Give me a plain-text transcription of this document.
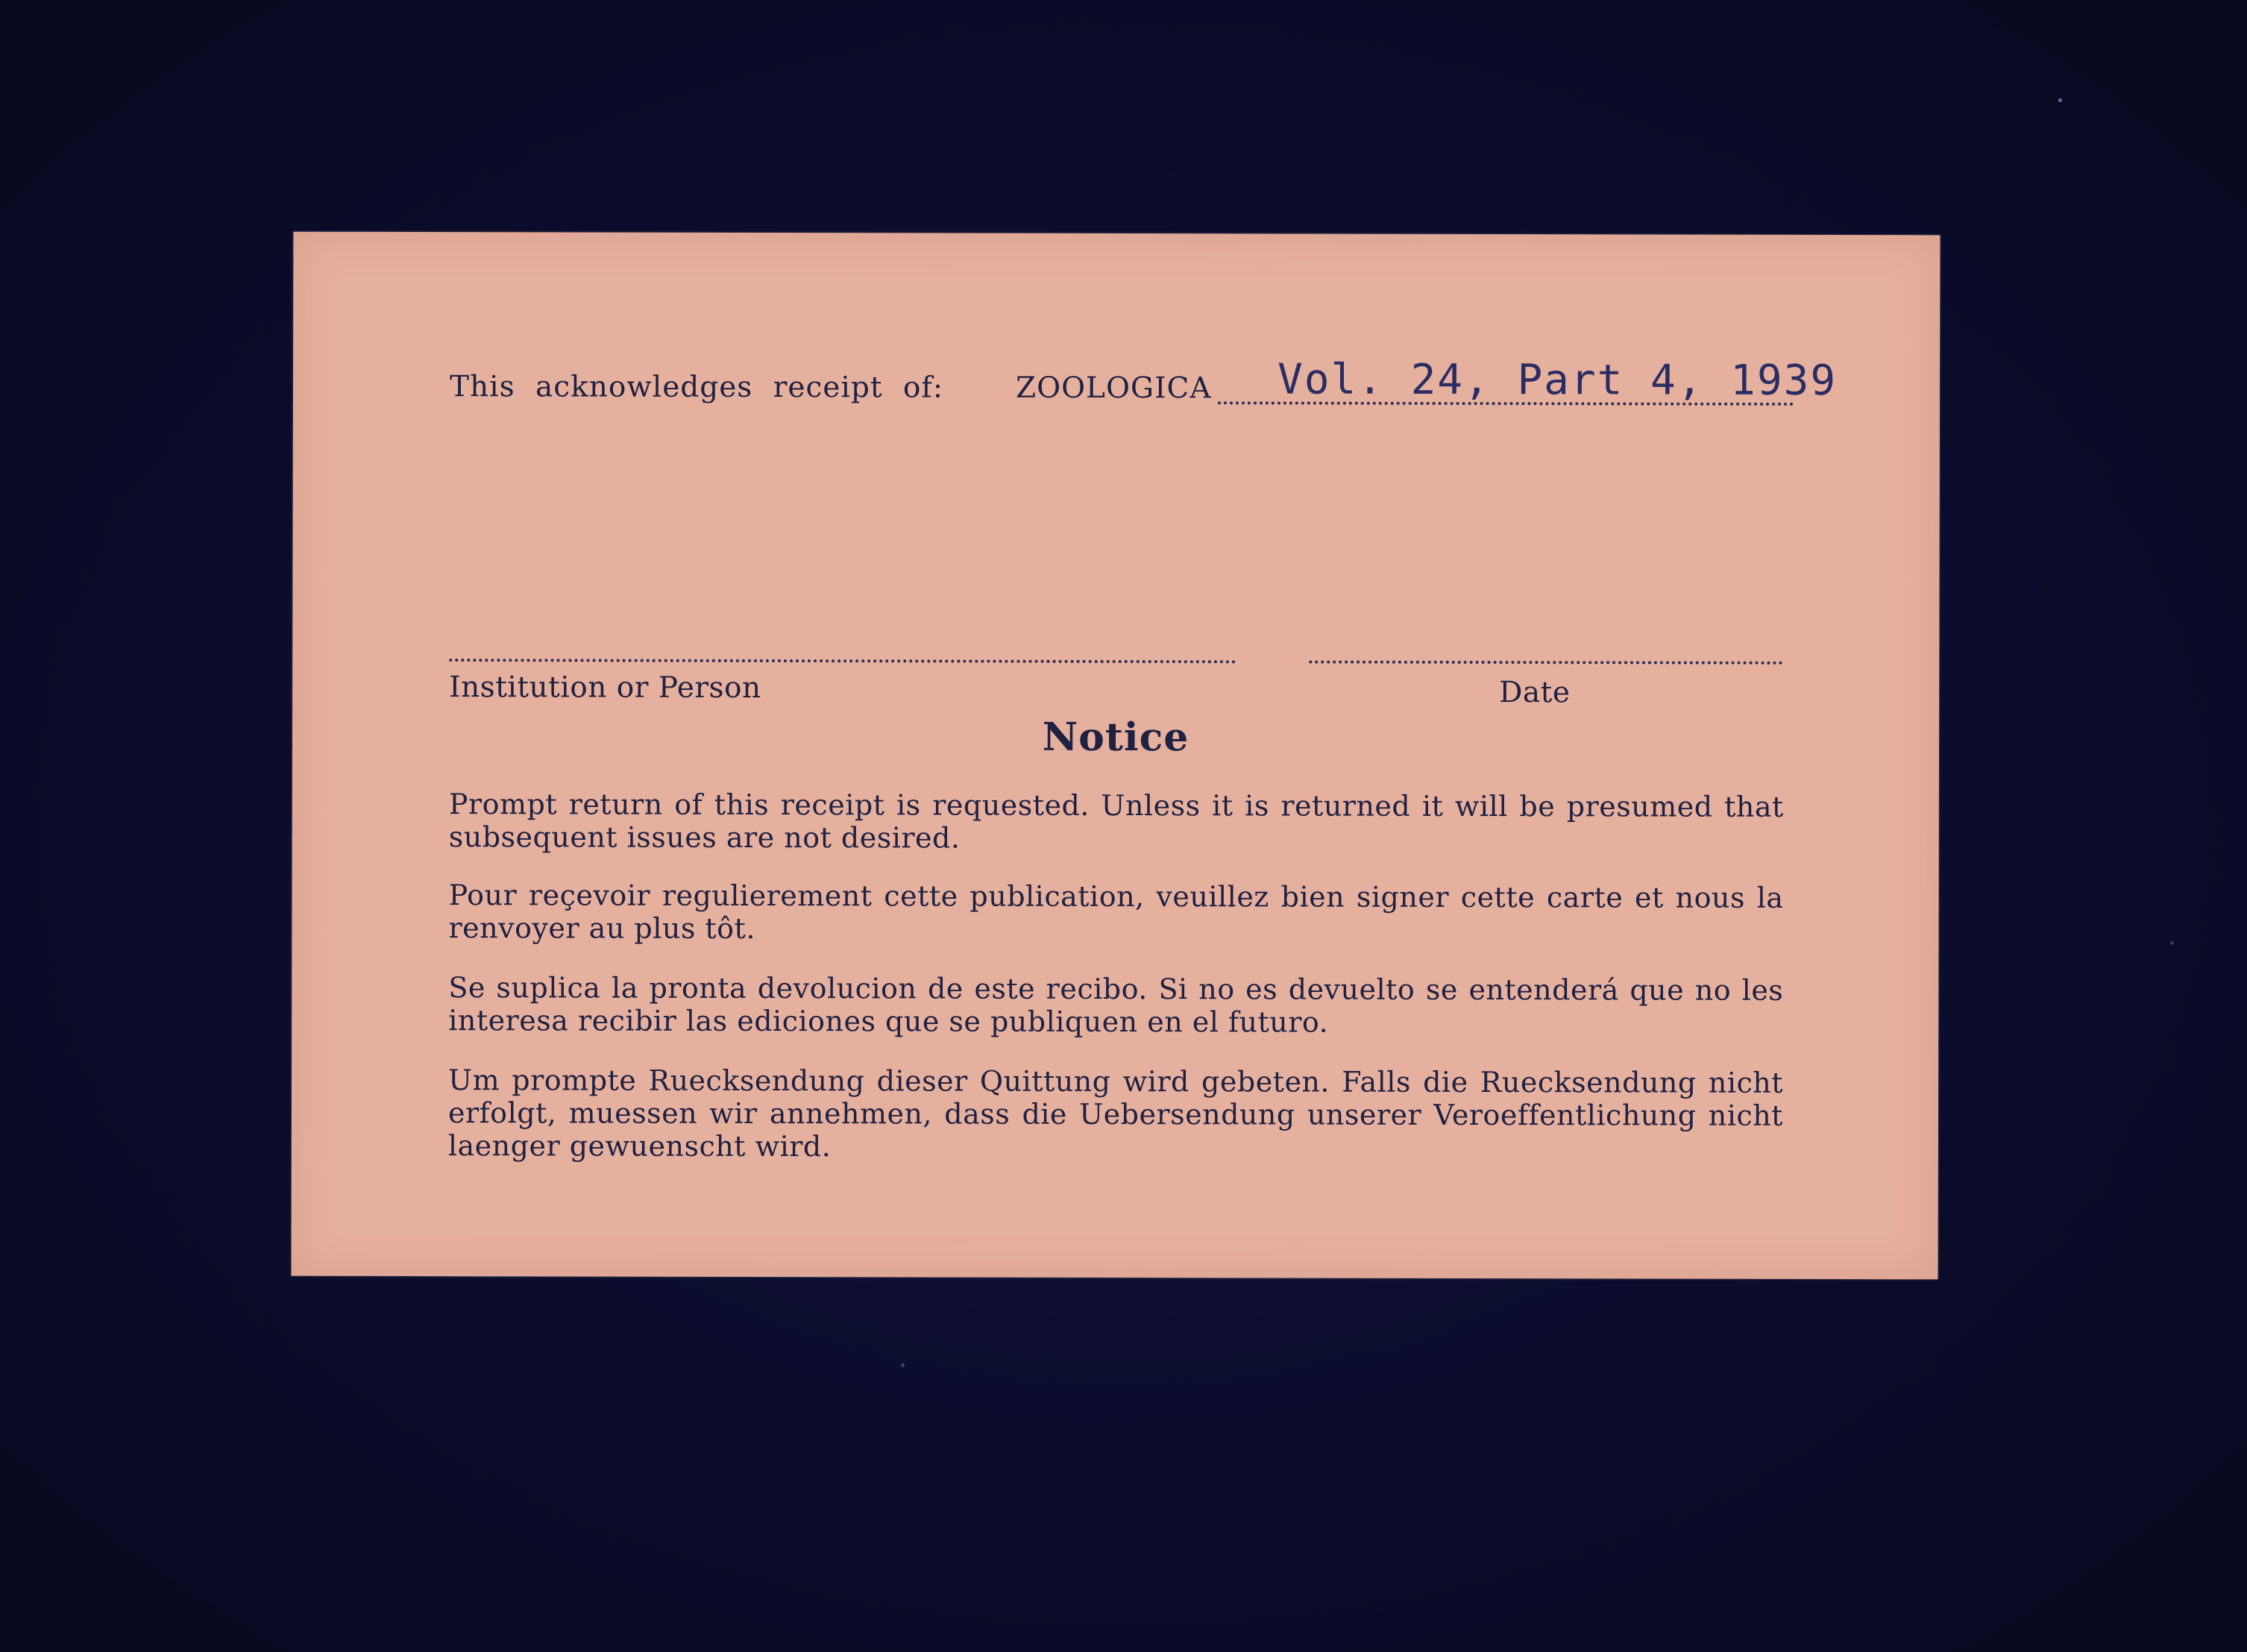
This acknowledges receipt of: ZOOLOGICA Vol. 24, Part 4, 1939
Institution or Person	Date
Notice
Prompt return of this receipt is requested. Unless it is returned it will be presumed that subsequent issues are not desired.
Pour reçevoir regulierement cette publication, veuillez bien signer cette carte et nous la renvoyer au plus tôt.
Se suplica la pronta devolucion de este recibo. Si no es devuelto se entenderá que no les interesa recibir las ediciones que se publiquen en el futuro.
Um prompte Ruecksendung dieser Quittung wird gebeten. Falls die Ruecksendung nicht erfolgt, muessen wir annehmen, dass die Uebersendung unserer Veroeffentlichung nicht laenger gewuenscht wird.
